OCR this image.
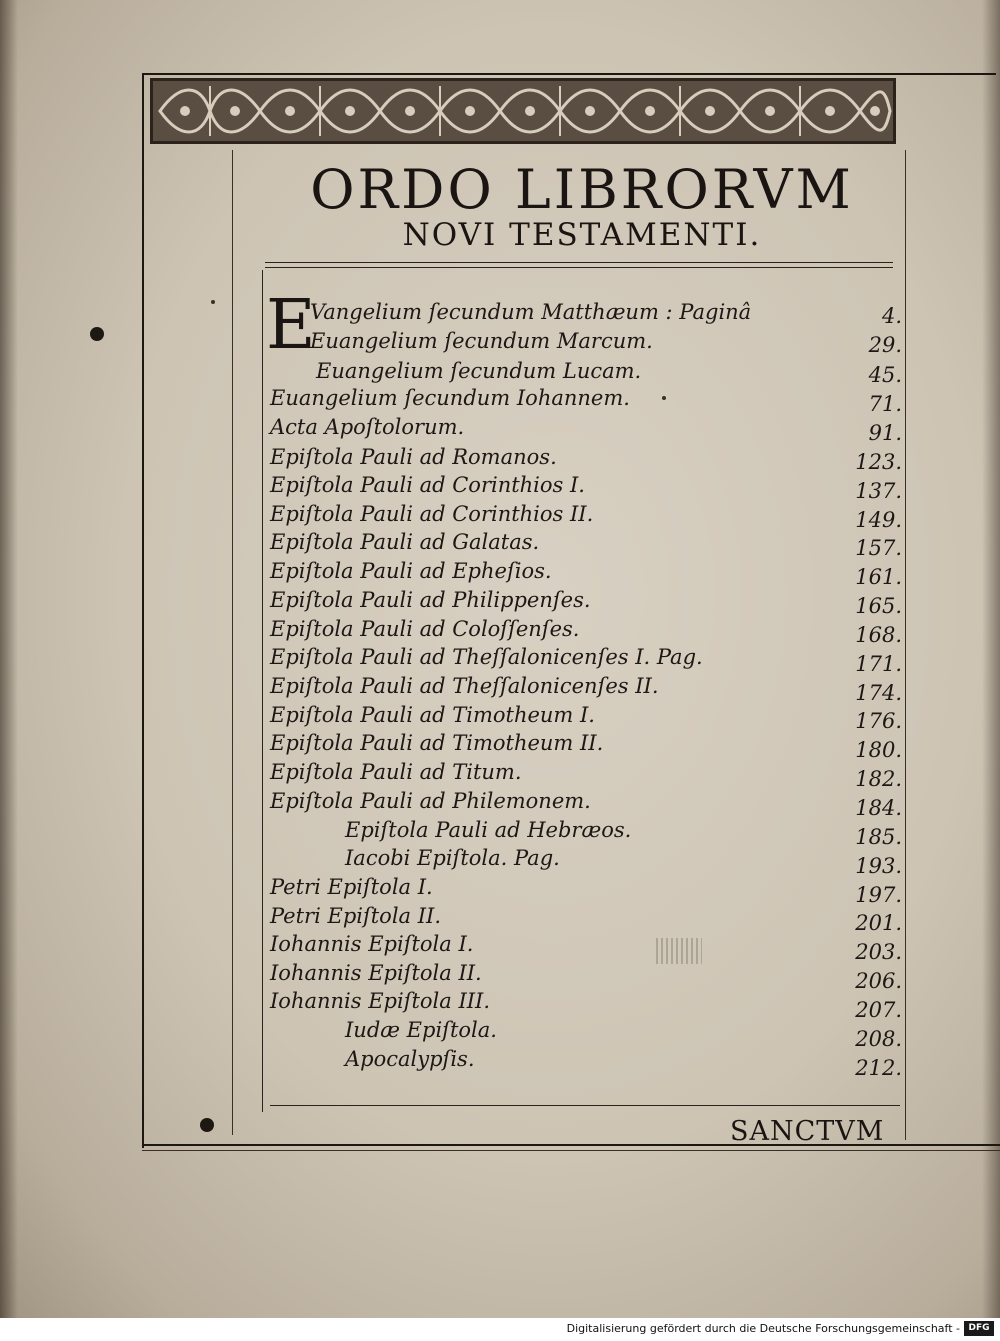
ORDO LIBRORVM
NOVI TESTAMENTI.
E
Vangelium ſecundum Matthæum : Paginâ	4.
Euangelium ſecundum Marcum.	29.
Euangelium ſecundum Lucam.	45.
Euangelium ſecundum Iohannem.	71.
Acta Apoſtolorum.	91.
Epiſtola Pauli ad Romanos.	123.
Epiſtola Pauli ad Corinthios I.	137.
Epiſtola Pauli ad Corinthios II.	149.
Epiſtola Pauli ad Galatas.	157.
Epiſtola Pauli ad Epheſios.	161.
Epiſtola Pauli ad Philippenſes.	165.
Epiſtola Pauli ad Coloſſenſes.	168.
Epiſtola Pauli ad Theſſalonicenſes I. Pag.	171.
Epiſtola Pauli ad Theſſalonicenſes II.	174.
Epiſtola Pauli ad Timotheum I.	176.
Epiſtola Pauli ad Timotheum II.	180.
Epiſtola Pauli ad Titum.	182.
Epiſtola Pauli ad Philemonem.	184.
Epiſtola Pauli ad Hebræos.	185.
Iacobi Epiſtola. Pag.	193.
Petri Epiſtola I.	197.
Petri Epiſtola II.	201.
Iohannis Epiſtola I.	203.
Iohannis Epiſtola II.	206.
Iohannis Epiſtola III.	207.
Iudæ Epiſtola.	208.
Apocalypſis.	212.
SANCTVM
Digitalisierung gefördert durch die Deutsche Forschungsgemeinschaft - DFG
